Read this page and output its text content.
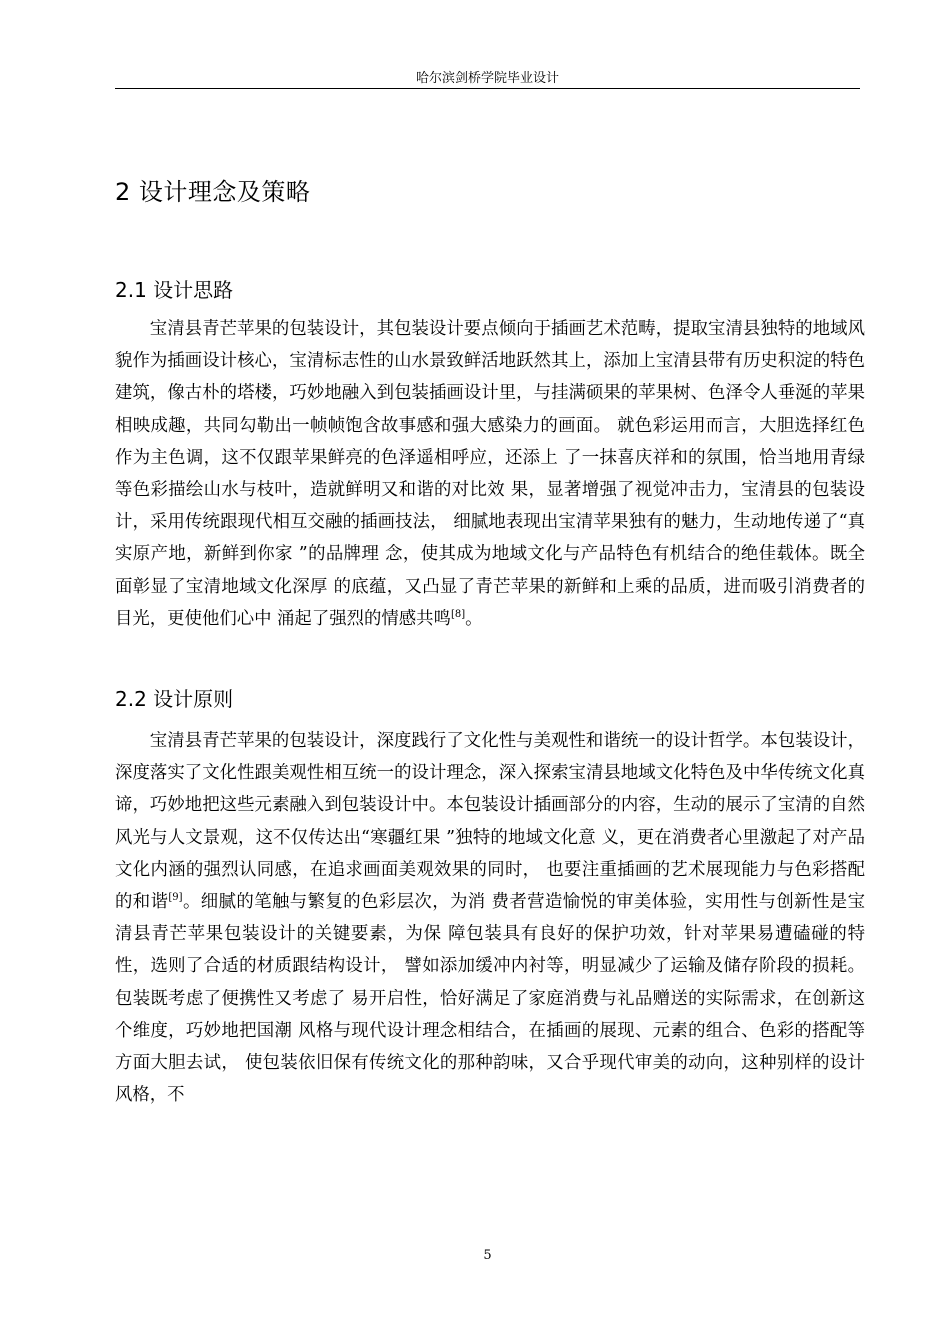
哈尔滨剑桥学院毕业设计
2 设计理念及策略
2.1 设计思路

宝清县青芒苹果的包装设计，其包装设计要点倾向于插画艺术范畴，提取宝清县独特的地域风貌作为插画设计核心，宝清标志性的山水景致鲜活地跃然其上，添加上宝清县带有历史积淀的特色建筑，像古朴的塔楼，巧妙地融入到包装插画设计里，与挂满硕果的苹果树、色泽令人垂涎的苹果相映成趣，共同勾勒出一帧帧饱含故事感和强大感染力的画面。 就色彩运用而言，大胆选择红色作为主色调，这不仅跟苹果鲜亮的色泽遥相呼应，还添上 了一抹喜庆祥和的氛围，恰当地用青绿等色彩描绘山水与枝叶，造就鲜明又和谐的对比效 果，显著增强了视觉冲击力，宝清县的包装设计，采用传统跟现代相互交融的插画技法， 细腻地表现出宝清苹果独有的魅力，生动地传递了“真实原产地，新鲜到你家 ”的品牌理 念，使其成为地域文化与产品特色有机结合的绝佳载体。既全面彰显了宝清地域文化深厚 的底蕴，又凸显了青芒苹果的新鲜和上乘的品质，进而吸引消费者的目光，更使他们心中 涌起了强烈的情感共鸣[8]。

2.2 设计原则

宝清县青芒苹果的包装设计，深度践行了文化性与美观性和谐统一的设计哲学。本包装设计，深度落实了文化性跟美观性相互统一的设计理念，深入探索宝清县地域文化特色及中华传统文化真谛，巧妙地把这些元素融入到包装设计中。本包装设计插画部分的内容，生动的展示了宝清的自然风光与人文景观，这不仅传达出“寒疆红果 ”独特的地域文化意 义，更在消费者心里激起了对产品文化内涵的强烈认同感，在追求画面美观效果的同时， 也要注重插画的艺术展现能力与色彩搭配的和谐[9]。细腻的笔触与繁复的色彩层次，为消 费者营造愉悦的审美体验，实用性与创新性是宝清县青芒苹果包装设计的关键要素，为保 障包装具有良好的保护功效，针对苹果易遭磕碰的特性，选则了合适的材质跟结构设计， 譬如添加缓冲内衬等，明显减少了运输及储存阶段的损耗。包装既考虑了便携性又考虑了 易开启性，恰好满足了家庭消费与礼品赠送的实际需求，在创新这个维度，巧妙地把国潮 风格与现代设计理念相结合，在插画的展现、元素的组合、色彩的搭配等方面大胆去试， 使包装依旧保有传统文化的那种韵味，又合乎现代审美的动向，这种别样的设计风格，不

5
